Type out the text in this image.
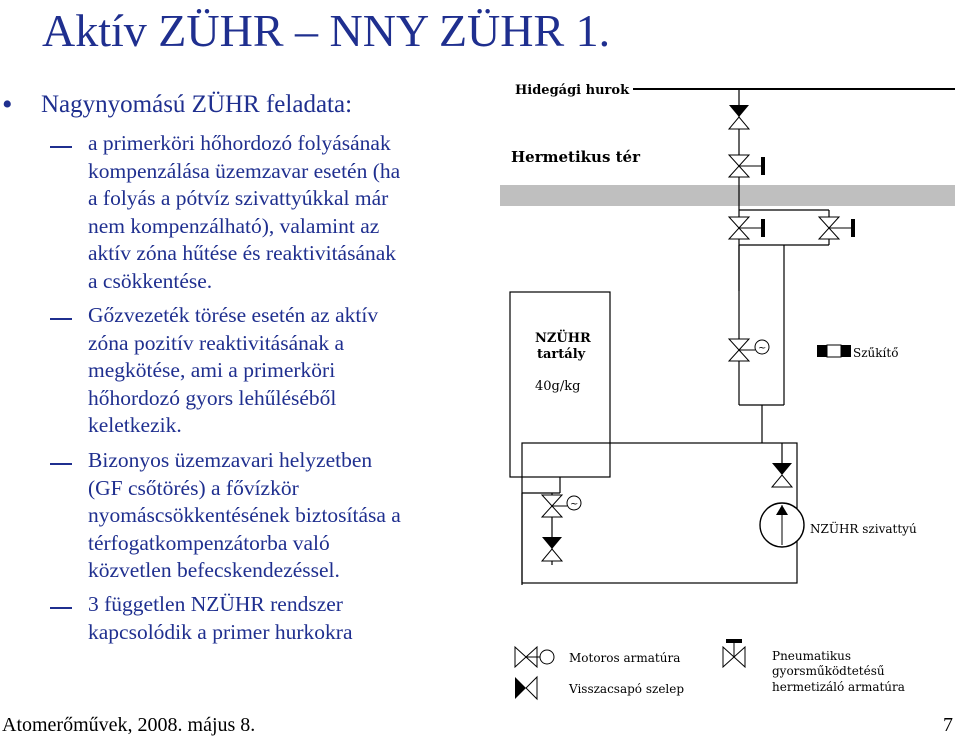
Aktív ZÜHR – NNY ZÜHR 1.
• Nagynyomású ZÜHR feladata:
a primerköri hőhordozó folyásának
kompenzálása üzemzavar esetén (ha
a folyás a pótvíz szivattyúkkal már
nem kompenzálható), valamint az
aktív zóna hűtése és reaktivitásának
a csökkentése.
Gőzvezeték törése esetén az aktív
zóna pozitív reaktivitásának a
megkötése, ami a primerköri
hőhordozó gyors lehűléséből
keletkezik.
Bizonyos üzemzavari helyzetben
(GF csőtörés) a fővízkör
nyomáscsökkentésének biztosítása a
térfogatkompenzátorba való
közvetlen befecskendezéssel.
3 független NZÜHR rendszer
kapcsolódik a primer hurkokra
Hidegági hurok
Hermetikus tér
NZÜHR
tartály
40g/kg
~	Szűkítő
~
NZÜHR szivattyú
Motoros armatúra
Visszacsapó szelep
Pneumatikus
gyorsműködtetésű
hermetizáló armatúra
Atomerőművek, 2008. május 8.	7
